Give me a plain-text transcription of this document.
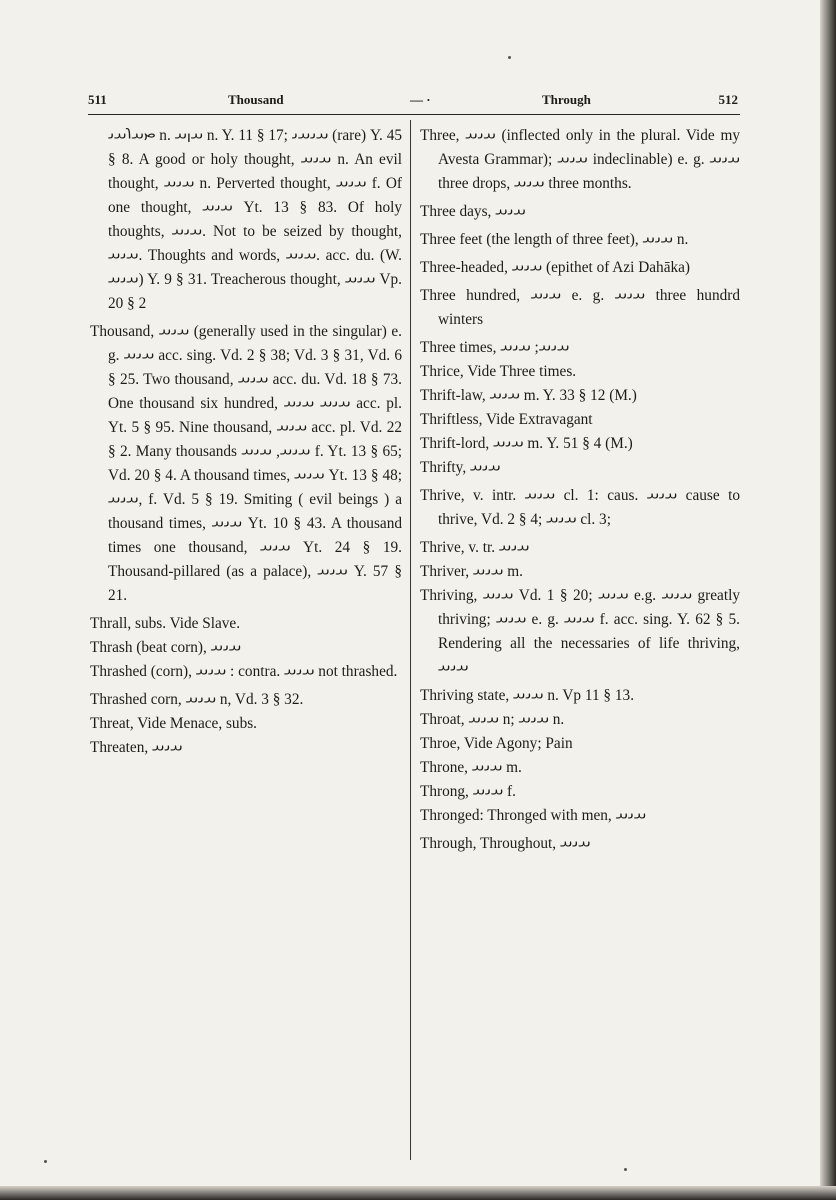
511	Thousand	— ·	Through	512

𐬙𐬀𐬭𐬀𐬌 n. 𐬀𐬥𐬀 n. Y. 11 § 17; 𐬀𐬌𐬀𐬌 (rare) Y. 45 § 8. A good or holy thought, 𐬀𐬌𐬀 n. An evil thought, 𐬀𐬌𐬀 n. Perverted thought, 𐬀𐬌𐬀 f. Of one thought, 𐬀𐬌𐬀 Yt. 13 § 83. Of holy thoughts, 𐬀𐬌𐬀. Not to be seized by thought, 𐬀𐬌𐬀. Thoughts and words, 𐬀𐬌𐬀. acc. du. (W. 𐬀𐬌𐬀) Y. 9 § 31. Treacherous thought, 𐬀𐬌𐬀 Vp. 20 § 2

Thousand, 𐬀𐬌𐬀 (generally used in the singular) e. g. 𐬀𐬌𐬀 acc. sing. Vd. 2 § 38; Vd. 3 § 31, Vd. 6 § 25. Two thousand, 𐬀𐬌𐬀 acc. du. Vd. 18 § 73. One thousand six hundred, 𐬀𐬌𐬀 𐬀𐬌𐬀 acc. pl. Yt. 5 § 95. Nine thousand, 𐬀𐬌𐬀 acc. pl. Vd. 22 § 2. Many thousands 𐬀𐬌𐬀, 𐬀𐬌𐬀 f. Yt. 13 § 65; Vd. 20 § 4. A thousand times, 𐬀𐬌𐬀 Yt. 13 § 48; 𐬀𐬌𐬀, f. Vd. 5 § 19. Smiting ( evil beings ) a thousand times, 𐬀𐬌𐬀 Yt. 10 § 43. A thousand times one thousand, 𐬀𐬌𐬀 Yt. 24 § 19. Thousand-pillared (as a palace), 𐬀𐬌𐬀 Y. 57 § 21.

Thrall, subs. Vide Slave.

Thrash (beat corn), 𐬀𐬌𐬀

Thrashed (corn), 𐬀𐬌𐬀 : contra. 𐬀𐬌𐬀 not thrashed.

Thrashed corn, 𐬀𐬌𐬀 n, Vd. 3 § 32.

Threat, Vide Menace, subs.

Threaten, 𐬀𐬌𐬀

Three, 𐬀𐬌𐬀 (inflected only in the plural. Vide my Avesta Grammar); 𐬀𐬌𐬀 indeclinable) e. g. 𐬀𐬌𐬀 three drops, 𐬀𐬌𐬀 three months.

Three days, 𐬀𐬌𐬀

Three feet (the length of three feet), 𐬀𐬌𐬀 n.

Three-headed, 𐬀𐬌𐬀 (epithet of Azi Dahāka)

Three hundred, 𐬀𐬌𐬀 e. g. 𐬀𐬌𐬀 three hundrd winters

Three times, 𐬀𐬌𐬀; 𐬀𐬌𐬀

Thrice, Vide Three times.

Thrift-law, 𐬀𐬌𐬀 m. Y. 33 § 12 (M.)

Thriftless, Vide Extravagant

Thrift-lord, 𐬀𐬌𐬀 m. Y. 51 § 4 (M.)

Thrifty, 𐬀𐬌𐬀

Thrive, v. intr. 𐬀𐬌𐬀 cl. 1: caus. 𐬀𐬌𐬀 cause to thrive, Vd. 2 § 4; 𐬀𐬌𐬀 cl. 3;

Thrive, v. tr. 𐬀𐬌𐬀

Thriver, 𐬀𐬌𐬀 m.

Thriving, 𐬀𐬌𐬀 Vd. 1 § 20; 𐬀𐬌𐬀 e.g. 𐬀𐬌𐬀 greatly thriving; 𐬀𐬌𐬀 e. g. 𐬀𐬌𐬀 f. acc. sing. Y. 62 § 5. Rendering all the necessaries of life thriving, 𐬀𐬌𐬀

Thriving state, 𐬀𐬌𐬀 n. Vp 11 § 13.

Throat, 𐬀𐬌𐬀 n; 𐬀𐬌𐬀 n.

Throe, Vide Agony; Pain

Throne, 𐬀𐬌𐬀 m.

Throng, 𐬀𐬌𐬀 f.

Thronged: Thronged with men, 𐬀𐬌𐬀

Through, Throughout, 𐬀𐬌𐬀
